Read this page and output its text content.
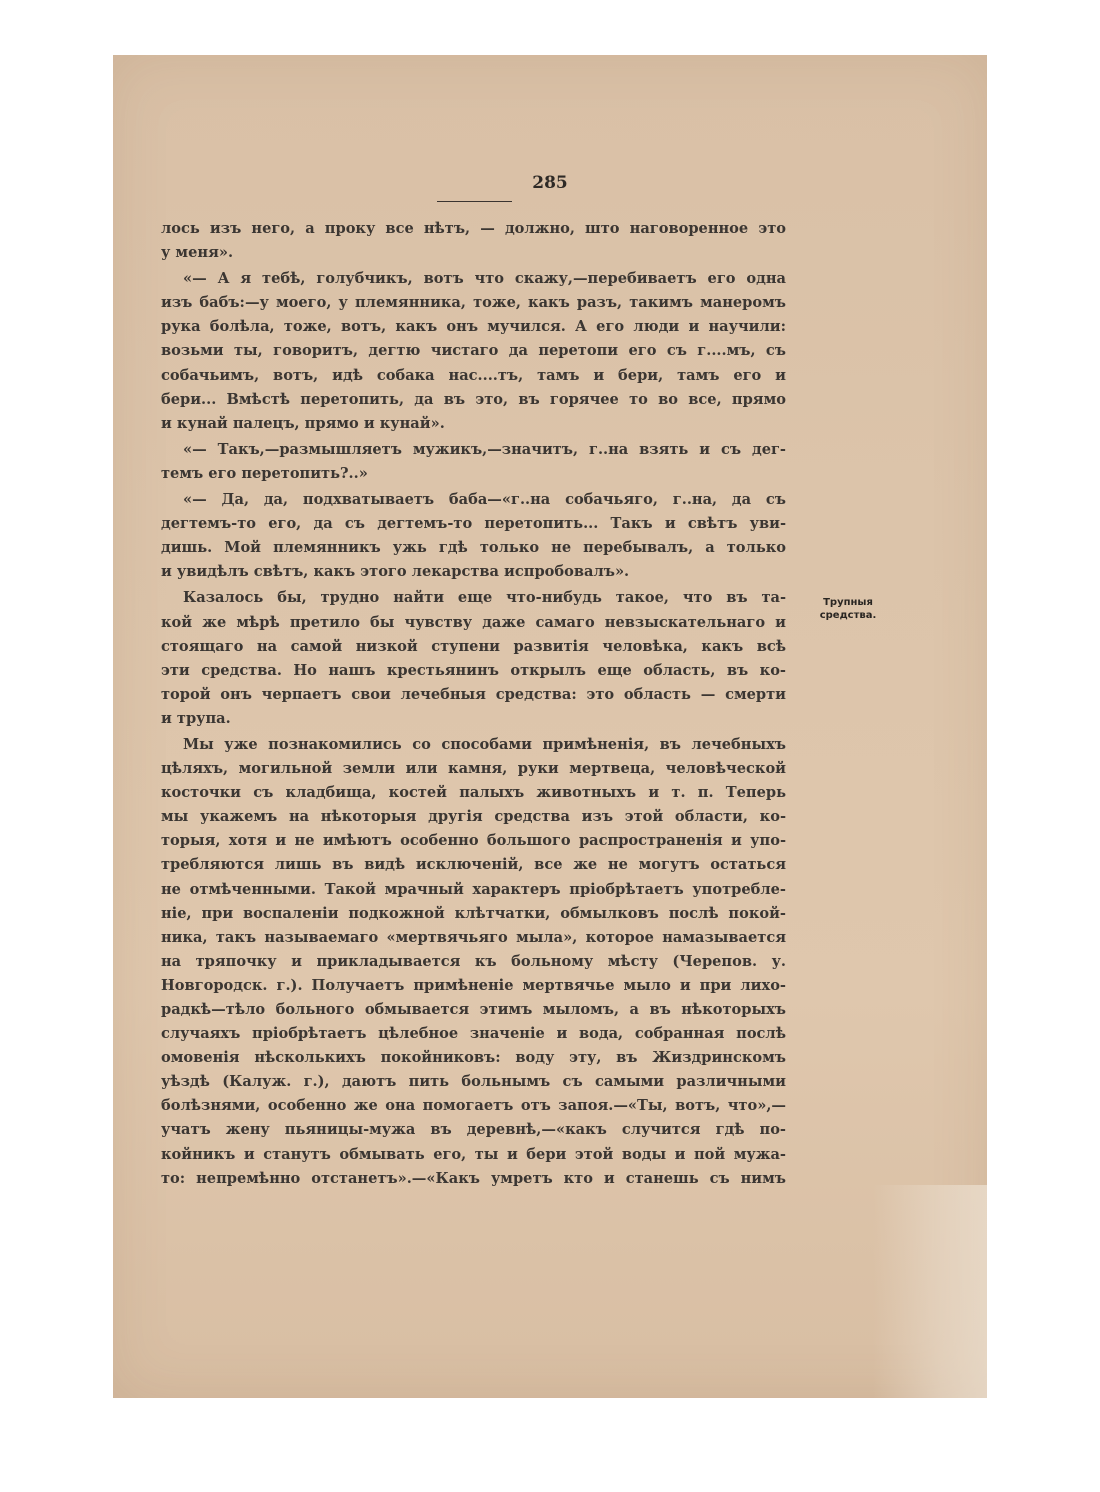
285
лось изъ него, а проку все нѣтъ, — должно, што наговоренное это
у меня».
«— А я тебѣ, голубчикъ, вотъ что скажу,—перебиваетъ его одна
изъ бабъ:—у моего, у племянника, тоже, какъ разъ, такимъ манеромъ
рука болѣла, тоже, вотъ, какъ онъ мучился. А его люди и научили:
возьми ты, говоритъ, дегтю чистаго да перетопи его съ г....мъ, съ
собачьимъ, вотъ, идѣ собака нас....тъ, тамъ и бери, тамъ его и
бери... Вмѣстѣ перетопить, да въ это, въ горячее то во все, прямо
и кунай палецъ, прямо и кунай».
«— Такъ,—размышляетъ мужикъ,—значитъ, г..на взять и съ дег-
темъ его перетопить?..»
«— Да, да, подхватываетъ баба—«г..на собачьяго, г..на, да съ
дегтемъ-то его, да съ дегтемъ-то перетопить... Такъ и свѣтъ уви-
дишь. Мой племянникъ ужь гдѣ только не перебывалъ, а только
и увидѣлъ свѣтъ, какъ этого лекарства испробовалъ».
Казалось бы, трудно найти еще что-нибудь такое, что въ та-
кой же мѣрѣ претило бы чувству даже самаго невзыскательнаго и
стоящаго на самой низкой ступени развитія человѣка, какъ всѣ
эти средства. Но нашъ крестьянинъ открылъ еще область, въ ко-
торой онъ черпаетъ свои лечебныя средства: это область — смерти
и трупа.
Мы уже познакомились со способами примѣненія, въ лечебныхъ
цѣляхъ, могильной земли или камня, руки мертвеца, человѣческой
косточки съ кладбища, костей палыхъ животныхъ и т. п. Теперь
мы укажемъ на нѣкоторыя другія средства изъ этой области, ко-
торыя, хотя и не имѣютъ особенно большого распространенія и упо-
требляются лишь въ видѣ исключеній, все же не могутъ остаться
не отмѣченными. Такой мрачный характеръ пріобрѣтаетъ употребле-
ніе, при воспаленіи подкожной клѣтчатки, обмылковъ послѣ покой-
ника, такъ называемаго «мертвячьяго мыла», которое намазывается
на тряпочку и прикладывается къ больному мѣсту (Черепов. у.
Новгородск. г.). Получаетъ примѣненіе мертвячье мыло и при лихо-
радкѣ—тѣло больного обмывается этимъ мыломъ, а въ нѣкоторыхъ
случаяхъ пріобрѣтаетъ цѣлебное значеніе и вода, собранная послѣ
омовенія нѣсколькихъ покойниковъ: воду эту, въ Жиздринскомъ
уѣздѣ (Калуж. г.), даютъ пить больнымъ съ самыми различными
болѣзнями, особенно же она помогаетъ отъ запоя.—«Ты, вотъ, что»,—
учатъ жену пьяницы-мужа въ деревнѣ,—«какъ случится гдѣ по-
койникъ и станутъ обмывать его, ты и бери этой воды и пой мужа-
то: непремѣнно отстанетъ».—«Какъ умретъ кто и станешь съ нимъ
Трупныя
средства.
